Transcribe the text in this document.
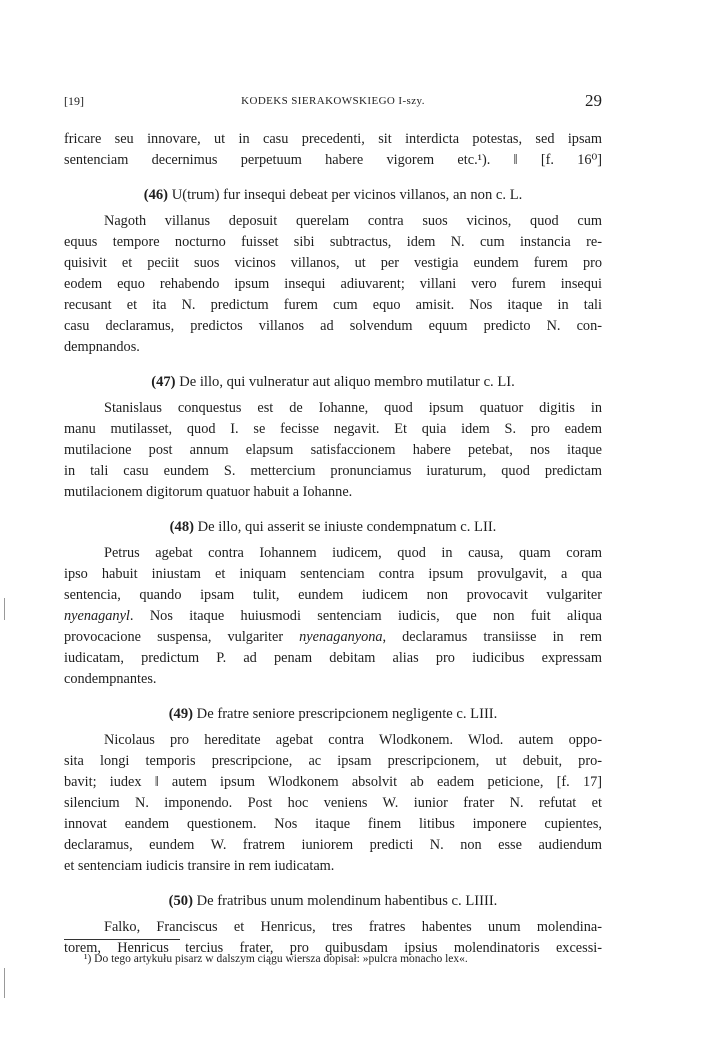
[19]	KODEKS SIERAKOWSKIEGO I-szy.	29
fricare seu innovare, ut in casu precedenti, sit interdicta potestas, sed ipsam
sentenciam decernimus perpetuum habere vigorem etc.¹). ‖ [f. 16⁰]
(46) U(trum) fur insequi debeat per vicinos villanos, an non c. L.
Nagoth villanus deposuit querelam contra suos vicinos, quod cum
equus tempore nocturno fuisset sibi subtractus, idem N. cum instancia re-
quisivit et peciit suos vicinos villanos, ut per vestigia eundem furem pro
eodem equo rehabendo ipsum insequi adiuvarent; villani vero furem insequi
recusant et ita N. predictum furem cum equo amisit. Nos itaque in tali
casu declaramus, predictos villanos ad solvendum equum predicto N. con-
dempnandos.
(47) De illo, qui vulneratur aut aliquo membro mutilatur c. LI.
Stanislaus conquestus est de Iohanne, quod ipsum quatuor digitis in
manu mutilasset, quod I. se fecisse negavit. Et quia idem S. pro eadem
mutilacione post annum elapsum satisfaccionem habere petebat, nos itaque
in tali casu eundem S. mettercium pronunciamus iuraturum, quod predictam
mutilacionem digitorum quatuor habuit a Iohanne.
(48) De illo, qui asserit se iniuste condempnatum c. LII.
Petrus agebat contra Iohannem iudicem, quod in causa, quam coram
ipso habuit iniustam et iniquam sentenciam contra ipsum provulgavit, a qua
sentencia, quando ipsam tulit, eundem iudicem non provocavit vulgariter
nyenaganyl. Nos itaque huiusmodi sentenciam iudicis, que non fuit aliqua
provocacione suspensa, vulgariter nyenaganyona, declaramus transiisse in rem
iudicatam, predictum P. ad penam debitam alias pro iudicibus expressam
condempnantes.
(49) De fratre seniore prescripcionem negligente c. LIII.
Nicolaus pro hereditate agebat contra Wlodkonem. Wlod. autem oppo-
sita longi temporis prescripcione, ac ipsam prescripcionem, ut debuit, pro-
bavit; iudex ‖ autem ipsum Wlodkonem absolvit ab eadem peticione, [f. 17]
silencium N. imponendo. Post hoc veniens W. iunior frater N. refutat et
innovat eandem questionem. Nos itaque finem litibus imponere cupientes,
declaramus, eundem W. fratrem iuniorem predicti N. non esse audiendum
et sentenciam iudicis transire in rem iudicatam.
(50) De fratribus unum molendinum habentibus c. LIIII.
Falko, Franciscus et Henricus, tres fratres habentes unum molendina-
torem, Henricus tercius frater, pro quibusdam ipsius molendinatoris excessi-
¹) Do tego artykułu pisarz w dalszym ciągu wiersza dopisał: »pulcra monacho lex«.
